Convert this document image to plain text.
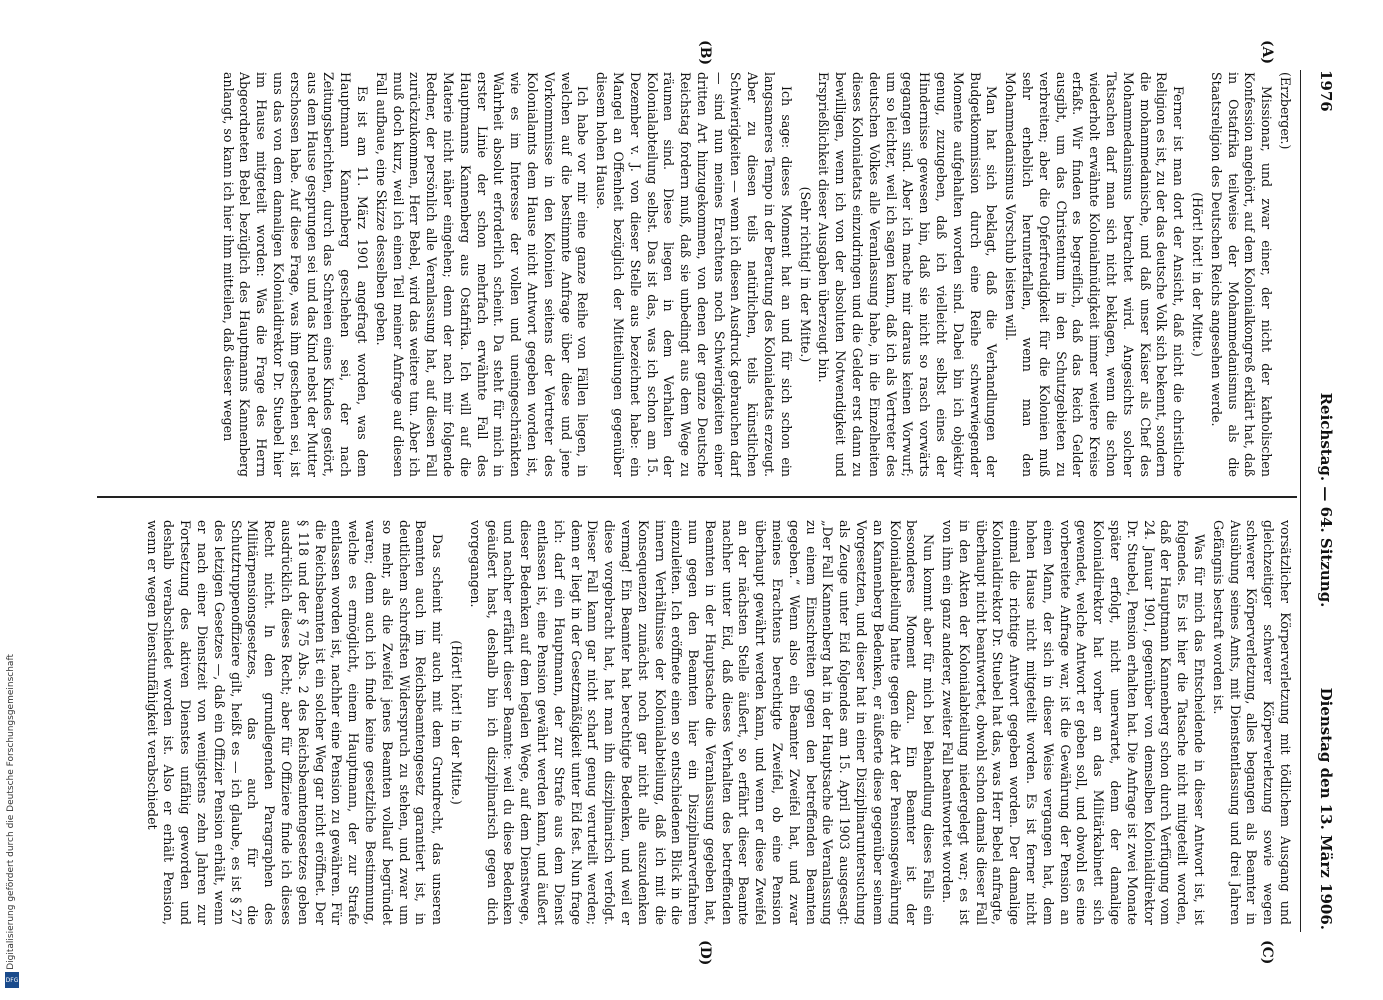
1976
Reichstag. — 64. Sitzung.
Dienstag den 13. März 1906.
(A)
(B)
(C)
(D)

(Erzberger.)

Missionar, und zwar einer, der nicht der katholischen Konfession angehört, auf dem Kolonialkongreß erklärt hat, daß in Ostafrika teilweise der Mohammedanismus als die Staatsreligion des Deutschen Reichs angesehen werde.

(Hört! hört! in der Mitte.)

Ferner ist man dort der Ansicht, daß nicht die christliche Religion es ist, zu der das deutsche Volk sich bekennt, sondern die mohammedanische, und daß unser Kaiser als Chef des Mohammedanismus betrachtet wird. Angesichts solcher Tatsachen darf man sich nicht beklagen, wenn die schon wiederholt erwähnte Kolonialmüdigkeit immer weitere Kreise erfaßt. Wir finden es begreiflich, daß das Reich Gelder ausgibt, um das Christentum in den Schutzgebieten zu verbreiten; aber die Opferfreudigkeit für die Kolonien muß sehr erheblich herunterfallen, wenn man den Mohammedanismus Vorschub leisten will.

Man hat sich beklagt, daß die Verhandlungen der Budgetkommission durch eine Reihe schwerwiegender Momente aufgehalten worden sind. Dabei bin ich objektiv genug, zuzugeben, daß ich vielleicht selbst eines der Hindernisse gewesen bin, daß sie nicht so rasch vorwärts gegangen sind. Aber ich mache mir daraus keinen Vorwurf; um so leichter, weil ich sagen kann, daß ich als Vertreter des deutschen Volkes alle Veranlassung habe, in die Einzelheiten dieses Kolonialetats einzudringen und die Gelder erst dann zu bewilligen, wenn ich von der absoluten Notwendigkeit und Ersprießlichkeit dieser Ausgaben überzeugt bin.

(Sehr richtig! in der Mitte.)

Ich sage: dieses Moment hat an und für sich schon ein langsameres Tempo in der Beratung des Kolonialetats erzeugt. Aber zu diesen teils natürlichen, teils künstlichen Schwierigkeiten — wenn ich diesen Ausdruck gebrauchen darf — sind nun meines Erachtens noch Schwierigkeiten einer dritten Art hinzugekommen, von denen der ganze Deutsche Reichstag fordern muß, daß sie unbedingt aus dem Wege zu räumen sind. Diese liegen in dem Verhalten der Kolonialabteilung selbst. Das ist das, was ich schon am 15. Dezember v. J. von dieser Stelle aus bezeichnet habe: ein Mangel an Offenheit bezüglich der Mitteilungen gegenüber diesem hohen Hause.

Ich habe vor mir eine ganze Reihe von Fällen liegen, in welchen auf die bestimmte Anfrage über diese und jene Vorkommnisse in den Kolonien seitens der Vertreter des Kolonialamts dem Hause nicht Antwort gegeben worden ist, wie es im Interesse der vollen und uneingeschränkten Wahrheit absolut erforderlich scheint. Da steht für mich in erster Linie der schon mehrfach erwähnte Fall des Hauptmanns Kannenberg aus Ostafrika. Ich will auf die Materie nicht näher eingehen; denn der nach mir folgende Redner, der persönlich alle Veranlassung hat, auf diesen Fall zurückzukommen, Herr Bebel, wird das weitere tun. Aber ich muß doch kurz, weil ich einen Teil meiner Anfrage auf diesen Fall aufbaue, eine Skizze desselben geben.

Es ist am 11. März 1901 angefragt worden, was dem Hauptmann Kannenberg geschehen sei, der nach Zeitungsberichten, durch das Schreien eines Kindes gestört, aus dem Hause gesprungen sei und das Kind nebst der Mutter erschossen habe. Auf diese Frage, was ihm geschehen sei, ist uns das von dem damaligen Kolonialdirektor Dr. Stuebel hier im Hause mitgeteilt worden: Was die Frage des Herrn Abgeordneten Bebel bezüglich des Hauptmanns Kannenberg anlangt, so kann ich hier ihm mitteilen, daß dieser wegen

vorsätzlicher Körperverletzung mit tödlichem Ausgang und gleichzeitiger schwerer Körperverletzung sowie wegen schwerer Körperverletzung, alles begangen als Beamter in Ausübung seines Amts, mit Dienstentlassung und drei Jahren Gefängnis bestraft worden ist.

Was für mich das Entscheidende in dieser Antwort ist, ist folgendes. Es ist hier die Tatsache nicht mitgeteilt worden, daß der Hauptmann Kannenberg schon durch Verfügung vom 24. Januar 1901, gegenüber von demselben Kolonialdirektor Dr. Stuebel, Pension erhalten hat. Die Anfrage ist zwei Monate später erfolgt, nicht unerwartet, denn der damalige Kolonialdirektor hat vorher an das Militärkabinett sich gewendet, welche Antwort er geben soll, und obwohl es eine vorbereitete Anfrage war, ist die Gewährung der Pension an einen Mann, der sich in dieser Weise vergangen hat, dem hohen Hause nicht mitgeteilt worden. Es ist ferner nicht einmal die richtige Antwort gegeben worden. Der damalige Kolonialdirektor Dr. Stuebel hat das, was Herr Bebel anfragte, überhaupt nicht beantwortet, obwohl schon damals dieser Fall in den Akten der Kolonialabteilung niedergelegt war; es ist von ihm ein ganz anderer, zweiter Fall beantwortet worden.

Nun kommt aber für mich bei Behandlung dieses Falls ein besonderes Moment dazu. Ein Beamter ist der Kolonialabteilung hatte gegen die Art der Pensionsgewährung an Kannenberg Bedenken, er äußerte diese gegenüber seinem Vorgesetzten, und dieser hat in einer Disziplinaruntersuchung als Zeuge unter Eid folgendes am 15. April 1903 ausgesagt: „Der Fall Kannenberg hat in der Hauptsache die Veranlassung zu einem Einschreiten gegen den betreffenden Beamten gegeben.“ Wenn also ein Beamter Zweifel hat, und zwar meines Erachtens berechtigte Zweifel, ob eine Pension überhaupt gewährt werden kann, und wenn er diese Zweifel an der nächsten Stelle äußert, so erfährt dieser Beamte nachher unter Eid, daß dieses Verhalten des betreffenden Beamten in der Hauptsache die Veranlassung gegeben hat, nun gegen den Beamten hier ein Disziplinarverfahren einzuleiten. Ich eröffnete einen so entschiedenen Blick in die innern Verhältnisse der Kolonialabteilung, daß ich mit die Konsequenzen zunächst noch gar nicht alle auszudenken vermag! Ein Beamter hat berechtigte Bedenken, und weil er diese vorgebracht hat, hat man ihn disziplinarisch verfolgt. Dieser Fall kann gar nicht scharf genug verurteilt werden; denn er liegt in der Gesetzmäßigkeit unter Eid fest. Nun frage ich: darf ein Hauptmann, der zur Strafe aus dem Dienst entlassen ist, eine Pension gewährt werden kann, und äußert dieser Bedenken auf dem legalen Wege, auf dem Dienstwege, und nachher erfährt dieser Beamte: weil du diese Bedenken geäußert hast, deshalb bin ich disziplinarisch gegen dich vorgegangen.

(Hört! hört! in der Mitte.)

Das scheint mir auch mit dem Grundrecht, das unseren Beamten auch im Reichsbeamtengesetz garantiert ist, in deutlichem schroffsten Widerspruch zu stehen, und zwar um so mehr, als die Zweifel jenes Beamten vollauf begründet waren; denn auch ich finde keine gesetzliche Bestimmung, welche es ermöglicht, einem Hauptmann, der zur Strafe entlassen worden ist, nachher eine Pension zu gewähren. Für die Reichsbeamten ist ein solcher Weg gar nicht eröffnet. Der § 118 und der § 75 Abs. 2 des Reichsbeamtengesetzes geben ausdrücklich dieses Recht; aber für Offiziere finde ich dieses Recht nicht. In den grundlegenden Paragraphen des Militärpensionsgesetzes, das auch für die Schutztruppenoffiziere gilt, heißt es — ich glaube, es ist § 27 des letzigen Gesetzes —, daß ein Offizier Pension erhält, wenn er nach einer Dienstzeit von wenigstens zehn Jahren zur Fortsetzung des aktiven Dienstes unfähig geworden und deshalb verabschiedet worden ist. Also er erhält Pension, wenn er wegen Dienstunfähigkeit verabschiedet

Digitalisierung gefördert durch die Deutsche Forschungsgemeinschaft
DFG
